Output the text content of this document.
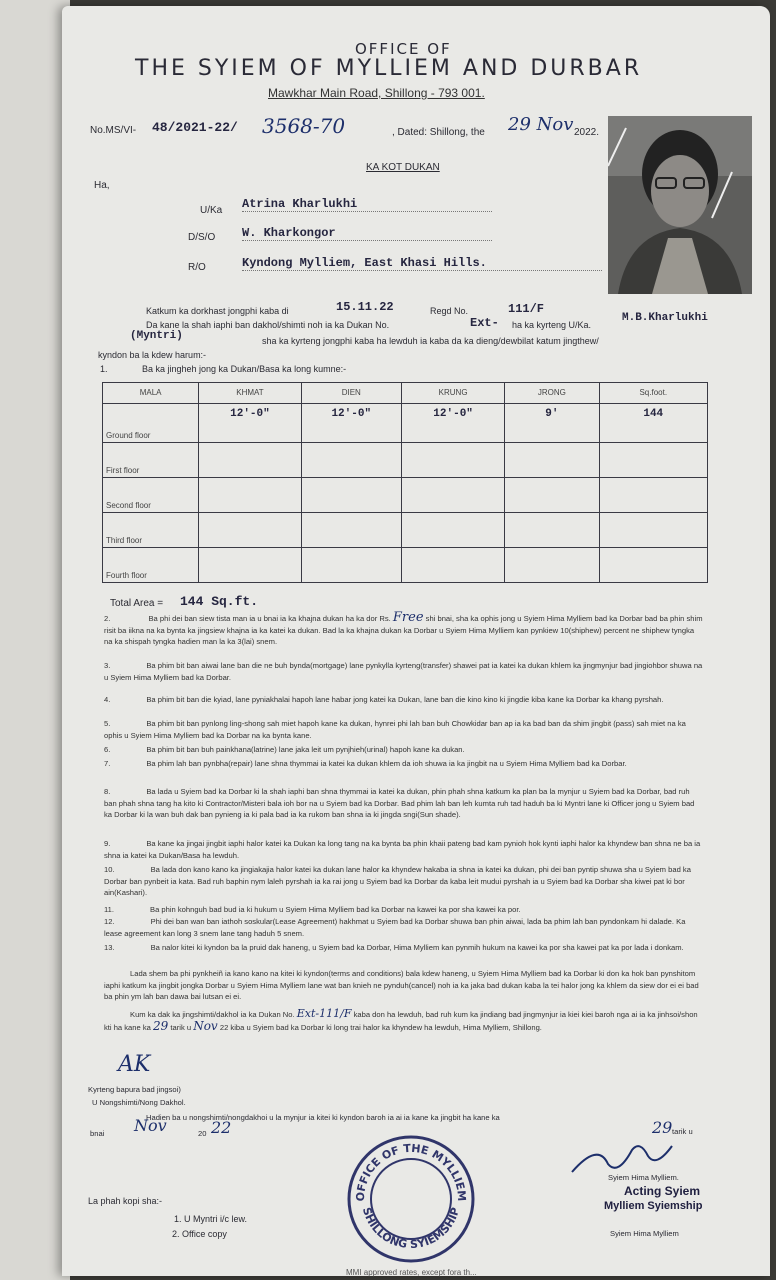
OFFICE OF
THE SYIEM OF MYLLIEM AND DURBAR
Mawkhar Main Road, Shillong - 793 001.
No.MS/VI- 48/2021-22/ 3568-70	, Dated: Shillong, the 29 Nov 2022.
KA KOT DUKAN
Ha,
U/Ka Atrina Kharlukhi
D/S/O W. Kharkongor
R/O	Kyndong Mylliem, East Khasi Hills.
Katkum ka dorkhast jongphi kaba di	15.11.22	Regd No.	111/F
Da kane la shah iaphi ban dakhol/shimti noh ia ka Dukan No.	Ext- ha ka kyrteng U/Ka.
M.B.Kharlukhi
(Myntri)	sha ka kyrteng jongphi kaba ha lewduh ia kaba da ka dieng/dewbilat katum jingthew/
kyndon ba la kdew harum:-
1.	Ba ka jingheh jong ka Dukan/Basa ka long kumne:-
MALA	KHMAT	DIEN	KRUNG	JRONG	Sq.foot.
Ground floor	12'-0"	12'-0"	12'-0"	9'	144
First floor					
Second floor					
Third floor					
Fourth floor					
Total Area = 144 Sq.ft.
2.	Ba phi dei ban siew tista man ia u bnai ia ka khajna dukan ha ka dor Rs. Free shi bnai, sha ka ophis jong u Syiem Hima Mylliem bad ka Dorbar bad ba phin shim risit ba iikna na ka bynta ka jingsiew khajna ia ka katei ka dukan. Bad la ka khajna dukan ka Dorbar u Syiem Hima Mylliem kan pynkiew 10(shiphew) percent ne shiphew tyngka na ka shispah tyngka hadien man la ka 3(lai) snem.
3.	Ba phim bit ban aiwai lane ban die ne buh bynda(mortgage) lane pynkylla kyrteng(transfer) shawei pat ia katei ka dukan khlem ka jingmynjur bad jingiohbor shuwa na u Syiem Hima Mylliem bad ka Dorbar.
4.	Ba phim bit ban die kyiad, lane pyniakhalai hapoh lane habar jong katei ka Dukan, lane ban die kino kino ki jingdie kiba kane ka Dorbar ka khang pyrshah.
5.	Ba phim bit ban pynlong ling-shong sah miet hapoh kane ka dukan, hynrei phi lah ban buh Chowkidar ban ap ia ka bad ban da shim jingbit (pass) sah miet na ka ophis u Syiem Hima Mylliem bad ka Dorbar na ka bynta kane.
6.	Ba phim bit ban buh painkhana(latrine) lane jaka leit um pynjhieh(urinal) hapoh kane ka dukan.
7.	Ba phim lah ban pynbha(repair) lane shna thymmai ia katei ka dukan khlem da ioh shuwa ia ka jingbit na u Syiem Hima Mylliem bad ka Dorbar.
8.	Ba lada u Syiem bad ka Dorbar ki la shah iaphi ban shna thymmai ia katei ka dukan, phin phah shna katkum ka plan ba la mynjur u Syiem bad ka Dorbar, bad ruh ban phah shna tang ha kito ki Contractor/Misteri bala ioh bor na u Syiem bad ka Dorbar. Bad phim lah ban leh kumta ruh tad haduh ba ki Myntri lane ki Officer jong u Syiem bad ka Dorbar ki la wan buh dak ban pynieng ia ki pala bad ia ka rukom ban shna ia ki jingda sngi(Sun shade).
9.	Ba kane ka jingai jingbit iaphi halor katei ka Dukan ka long tang na ka bynta ba phin khaii pateng bad kam pynioh hok kynti iaphi halor ka khyndew ban shna ne ba ia shna ia katei ka Dukan/Basa ha lewduh.
10.	Ba lada don kano kano ka jingiakajia halor katei ka dukan lane halor ka khyndew hakaba ia shna ia katei ka dukan, phi dei ban pyntip shuwa sha u Syiem bad ka Dorbar ban pynbeit ia kata. Bad ruh baphin nym laleh pyrshah ia ka rai jong u Syiem bad ka Dorbar da kaba leit mudui pyrshah ia u Syiem bad ka Dorbar sha kiwei pat ki bor ain(Kashari).
11.	Ba phin kohnguh bad bud ia ki hukum u Syiem Hima Mylliem bad ka Dorbar na kawei ka por sha kawei ka por.
12.	Phi dei ban wan ban iathoh soskular(Lease Agreement) hakhmat u Syiem bad ka Dorbar shuwa ban phin aiwai, lada ba phim lah ban pyndonkam hi dalade. Ka lease agreement kan long 3 snem lane tang haduh 5 snem.
13.	Ba nalor kitei ki kyndon ba la pruid dak haneng, u Syiem bad ka Dorbar, Hima Mylliem kan pynmih hukum na kawei ka por sha kawei pat ka por lada i donkam.
Lada shem ba phi pynkheiñ ia kano kano na kitei ki kyndon(terms and conditions) bala kdew haneng, u Syiem Hima Mylliem bad ka Dorbar ki don ka hok ban pynshitom iaphi katkum ka jingbit jongka Dorbar u Syiem Hima Mylliem lane wat ban knieh ne pynduh(cancel) noh ia ka jaka bad dukan kaba la tei halor jong ka khlem da siew dor ei ei bad ba phin ym lah ban dawa bai lutsan ei ei.
Kum ka dak ka jingshimti/dakhol ia ka Dukan No. Ext-111/F kaba don ha lewduh, bad ruh kum ka jindiang bad jingmynjur ia kiei kiei baroh nga ai ia ka jinhsoi/shon kti ha kane ka 29 tarik u Nov 22 kiba u Syiem bad ka Dorbar ki long trai halor ka khyndew ha lewduh, Hima Mylliem, Shillong.
AK
Kyrteng bapura bad jingsoi)
U Nongshimti/Nong Dakhol.
Hadien ba u nongshimti/nongdakhoi u la mynjur ia kitei ki kyndon baroh ia ai ia kane ka jingbit ha kane ka
29 tarik u
bnai Nov	20 22
OFFICE OF THE MYLLIEM
SHILLONG SYIEMSHIP
Syiem Hima Mylliem.
Acting Syiem
Mylliem Syiemship
Syiem Hima Mylliem
La phah kopi sha:-
1. U Myntri i/c lew.
2. Office copy
MMI approved rates, except fora th...
